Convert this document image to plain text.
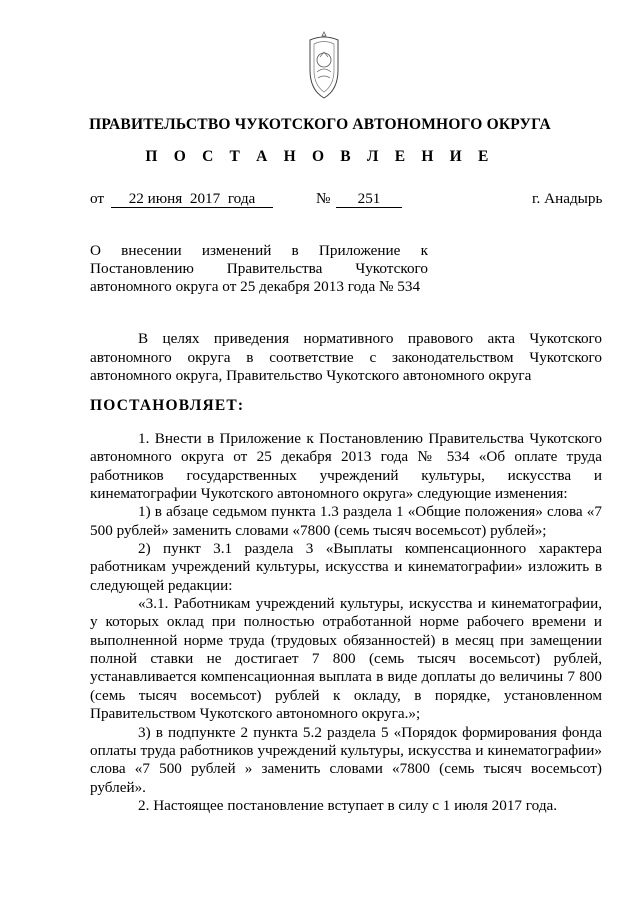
ПРАВИТЕЛЬСТВО ЧУКОТСКОГО АВТОНОМНОГО ОКРУГА
П О С Т А Н О В Л Е Н И Е
от	22 июня  2017  года	№	251	г. Анадырь
О внесении изменений в Приложение к Постановлению Правительства Чукотского автономного округа от 25 декабря 2013 года № 534
В целях приведения нормативного правового акта Чукотского автономного округа в соответствие с законодательством Чукотского автономного округа, Правительство Чукотского автономного округа
ПОСТАНОВЛЯЕТ:

1. Внести в Приложение к Постановлению Правительства Чукотского автономного округа от 25 декабря 2013 года № 534 «Об оплате труда работников государственных учреждений культуры, искусства и кинематографии Чукотского автономного округа» следующие изменения:

1) в абзаце седьмом пункта 1.3 раздела 1 «Общие положения» слова «7 500 рублей» заменить словами «7800 (семь тысяч восемьсот) рублей»;

2) пункт 3.1 раздела 3 «Выплаты компенсационного характера работникам учреждений культуры, искусства и кинематографии» изложить в следующей редакции:

«3.1. Работникам учреждений культуры, искусства и кинематографии, у которых оклад при полностью отработанной норме рабочего времени и выполненной норме труда (трудовых обязанностей) в месяц при замещении полной ставки не достигает 7 800 (семь тысяч восемьсот) рублей, устанавливается компенсационная выплата в виде доплаты до величины 7 800 (семь тысяч восемьсот) рублей к окладу, в порядке, установленном Правительством Чукотского автономного округа.»;

3) в подпункте 2 пункта 5.2 раздела 5 «Порядок формирования фонда оплаты труда работников учреждений культуры, искусства и кинематографии» слова «7 500 рублей » заменить словами «7800 (семь тысяч восемьсот) рублей».

2. Настоящее постановление вступает в силу с 1 июля 2017 года.
